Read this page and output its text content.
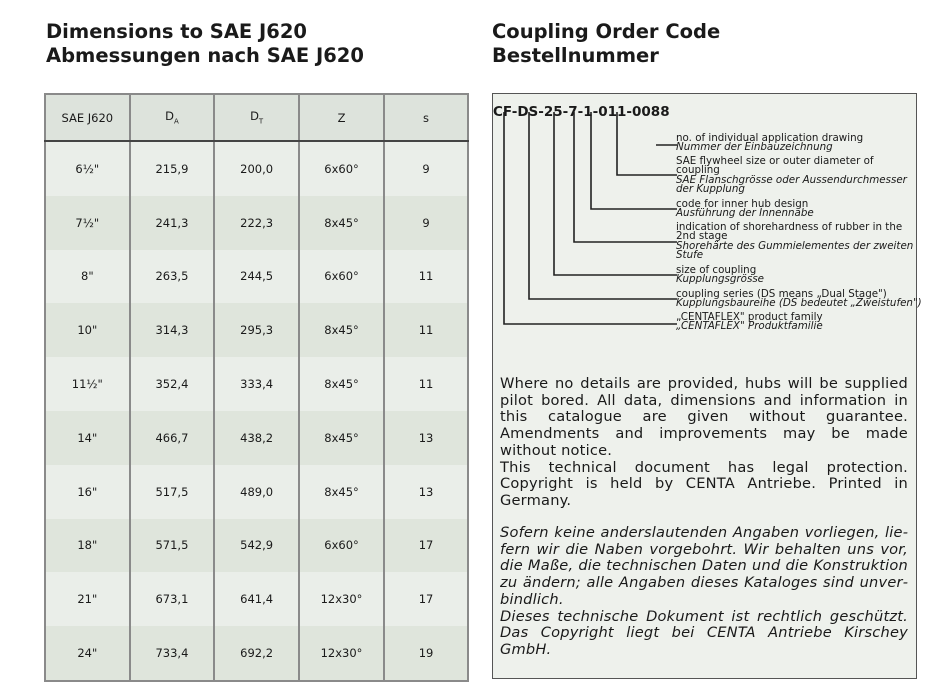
Dimensions to SAE J620
Abmessungen nach SAE J620
Coupling Order Code
Bestellnummer
SAE J620	$D_A$	$D_T$	Z	s
6½"	215,9	200,0	6x60°	9
7½"	241,3	222,3	8x45°	9
8"	263,5	244,5	6x60°	11
10"	314,3	295,3	8x45°	11
11½"	352,4	333,4	8x45°	11
14"	466,7	438,2	8x45°	13
16"	517,5	489,0	8x45°	13
18"	571,5	542,9	6x60°	17
21"	673,1	641,4	12x30°	17
24"	733,4	692,2	12x30°	19
CF-DS-25-7-1-011-0088
no. of individual application drawing
Nummer der Einbauzeichnung
SAE flywheel size or outer diameter of
coupling
SAE Flanschgrösse oder Aussendurchmesser
der Kupplung
code for inner hub design
Ausführung der Innennabe
indication of shorehardness of rubber in the
2nd stage
Shorehärte des Gummielementes der zweiten
Stufe
size of coupling
Kupplungsgrösse
coupling series (DS means „Dual Stage")
Kupplungsbaureihe (DS bedeutet „Zweistufen")
„CENTAFLEX" product family
„CENTAFLEX" Produktfamilie

Where no details are provided, hubs will be supplied pilot bored. All data, dimensions and information in this catalogue are given without guarantee. Amendments and improvements may be made without notice.

This technical document has legal protection. Copyright is held by CENTA Antriebe. Printed in Germany.

Sofern keine anderslautenden Angaben vorliegen, liefern wir die Naben vorgebohrt. Wir behalten uns vor, die Maße, die technischen Daten und die Konstruktion zu ändern; alle Angaben dieses Kataloges sind unverbindlich.

Dieses technische Dokument ist rechtlich geschützt. Das Copyright liegt bei CENTA Antriebe Kirschey GmbH.
